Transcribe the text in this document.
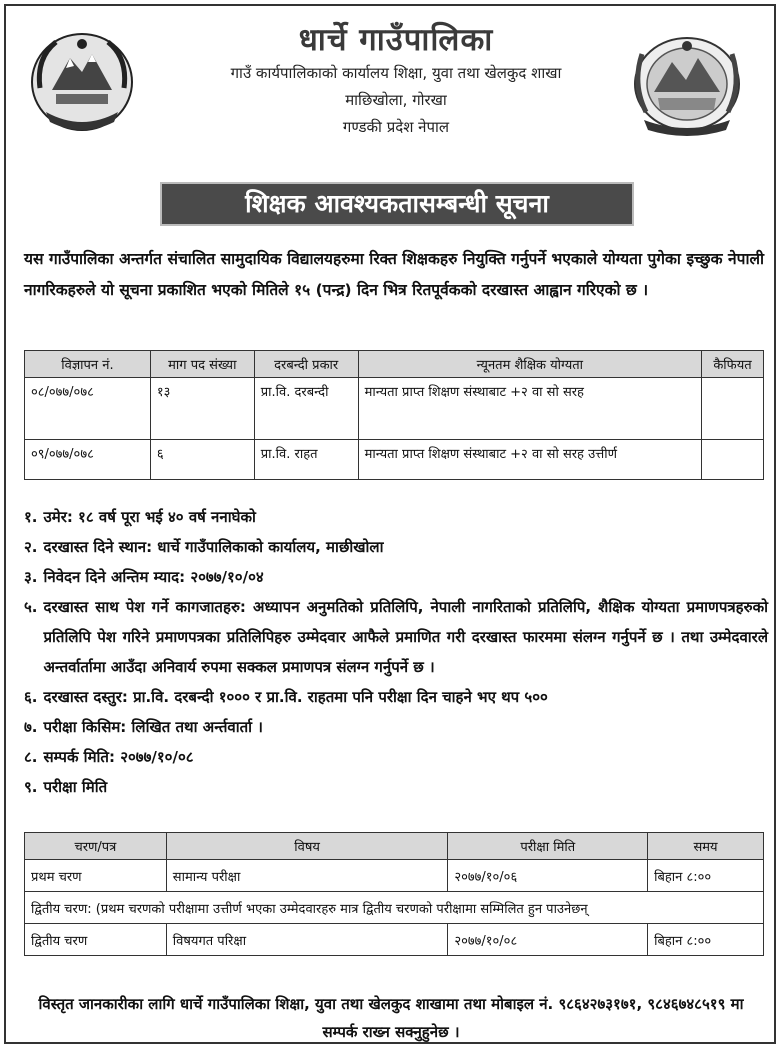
धार्चे गाउँपालिका
गाउँ कार्यपालिकाको कार्यालय शिक्षा, युवा तथा खेलकुद शाखा
माछिखोला, गोरखा
गण्डकी प्रदेश नेपाल
शिक्षक आवश्यकतासम्बन्धी सूचना
यस गाउँपालिका अन्तर्गत संचालित सामुदायिक विद्यालयहरुमा रिक्त शिक्षकहरु नियुक्ति गर्नुपर्ने भएकाले योग्यता पुगेका इच्छुक नेपाली नागरिकहरुले यो सूचना प्रकाशित भएको मितिले १५ (पन्द्र) दिन भित्र रितपूर्वकको दरखास्त आह्वान गरिएको छ ।
विज्ञापन नं.	माग पद संख्या	दरबन्दी प्रकार	न्यूनतम शैक्षिक योग्यता	कैफियत
०८/०७७/०७८	१३	प्रा.वि. दरबन्दी	मान्यता प्राप्त शिक्षण संस्थाबाट +२ वा सो सरह	
०९/०७७/०७८	६	प्रा.वि. राहत	मान्यता प्राप्त शिक्षण संस्थाबाट +२ वा सो सरह उत्तीर्ण	
१. उमेर: १८ वर्ष पूरा भई ४० वर्ष ननाघेको
२. दरखास्त दिने स्थान: धार्चे गाउँपालिकाको कार्यालय, माछीखोला
३. निवेदन दिने अन्तिम म्याद: २०७७/१०/०४
५. दरखास्त साथ पेश गर्ने कागजातहरु: अध्यापन अनुमतिको प्रतिलिपि, नेपाली नागरिताको प्रतिलिपि, शैक्षिक योग्यता प्रमाणपत्रहरुको प्रतिलिपि पेश गरिने प्रमाणपत्रका प्रतिलिपिहरु उम्मेदवार आफैले प्रमाणित गरी दरखास्त फारममा संलग्न गर्नुपर्ने छ । तथा उम्मेदवारले अन्तर्वार्तामा आउँदा अनिवार्य रुपमा सक्कल प्रमाणपत्र संलग्न गर्नुपर्ने छ ।
६. दरखास्त दस्तुर: प्रा.वि. दरबन्दी १००० र प्रा.वि. राहतमा पनि परीक्षा दिन चाहने भए थप ५००
७. परीक्षा किसिम: लिखित तथा अर्न्तवार्ता ।
८. सम्पर्क मिति: २०७७/१०/०८
९. परीक्षा मिति
चरण/पत्र	विषय	परीक्षा मिति	समय
प्रथम चरण	सामान्य परीक्षा	२०७७/१०/०६	बिहान ८:००
द्वितीय चरण: (प्रथम चरणको परीक्षामा उत्तीर्ण भएका उम्मेदवारहरु मात्र द्वितीय चरणको परीक्षामा सम्मिलित हुन पाउनेछन्			
द्वितीय चरण	विषयगत परिक्षा	२०७७/१०/०८	बिहान ८:००
विस्तृत जानकारीका लागि धार्चे गाउँपालिका शिक्षा, युवा तथा खेलकुद शाखामा तथा मोबाइल नं. ९८६४२७३१७१, ९८४६७४८५१९ मा सम्पर्क राख्न सक्नुहुनेछ ।
